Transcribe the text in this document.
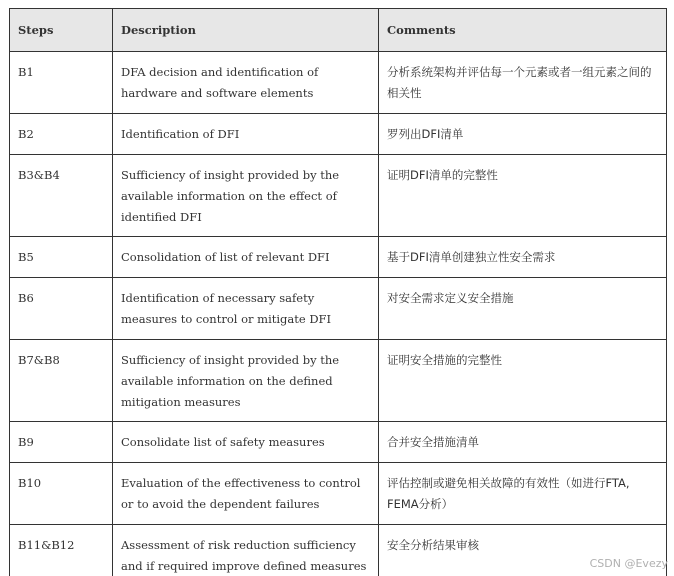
Steps	Description	Comments
B1	DFA decision and identification of hardware and software elements	分析系统架构并评估每一个元素或者一组元素之间的相关性
B2	Identification of DFI	罗列出DFI清单
B3&B4	Sufficiency of insight provided by the available information on the effect of identified DFI	证明DFI清单的完整性
B5	Consolidation of list of relevant DFI	基于DFI清单创建独立性安全需求
B6	Identification of necessary safety measures to control or mitigate DFI	对安全需求定义安全措施
B7&B8	Sufficiency of insight provided by the available information on the defined mitigation measures	证明安全措施的完整性
B9	Consolidate list of safety measures	合并安全措施清单
B10	Evaluation of the effectiveness to control or to avoid the dependent failures	评估控制或避免相关故障的有效性（如进行FTA, FEMA分析）
B11&B12	Assessment of risk reduction sufficiency and if required improve defined measures	安全分析结果审核
CSDN @Evezy
